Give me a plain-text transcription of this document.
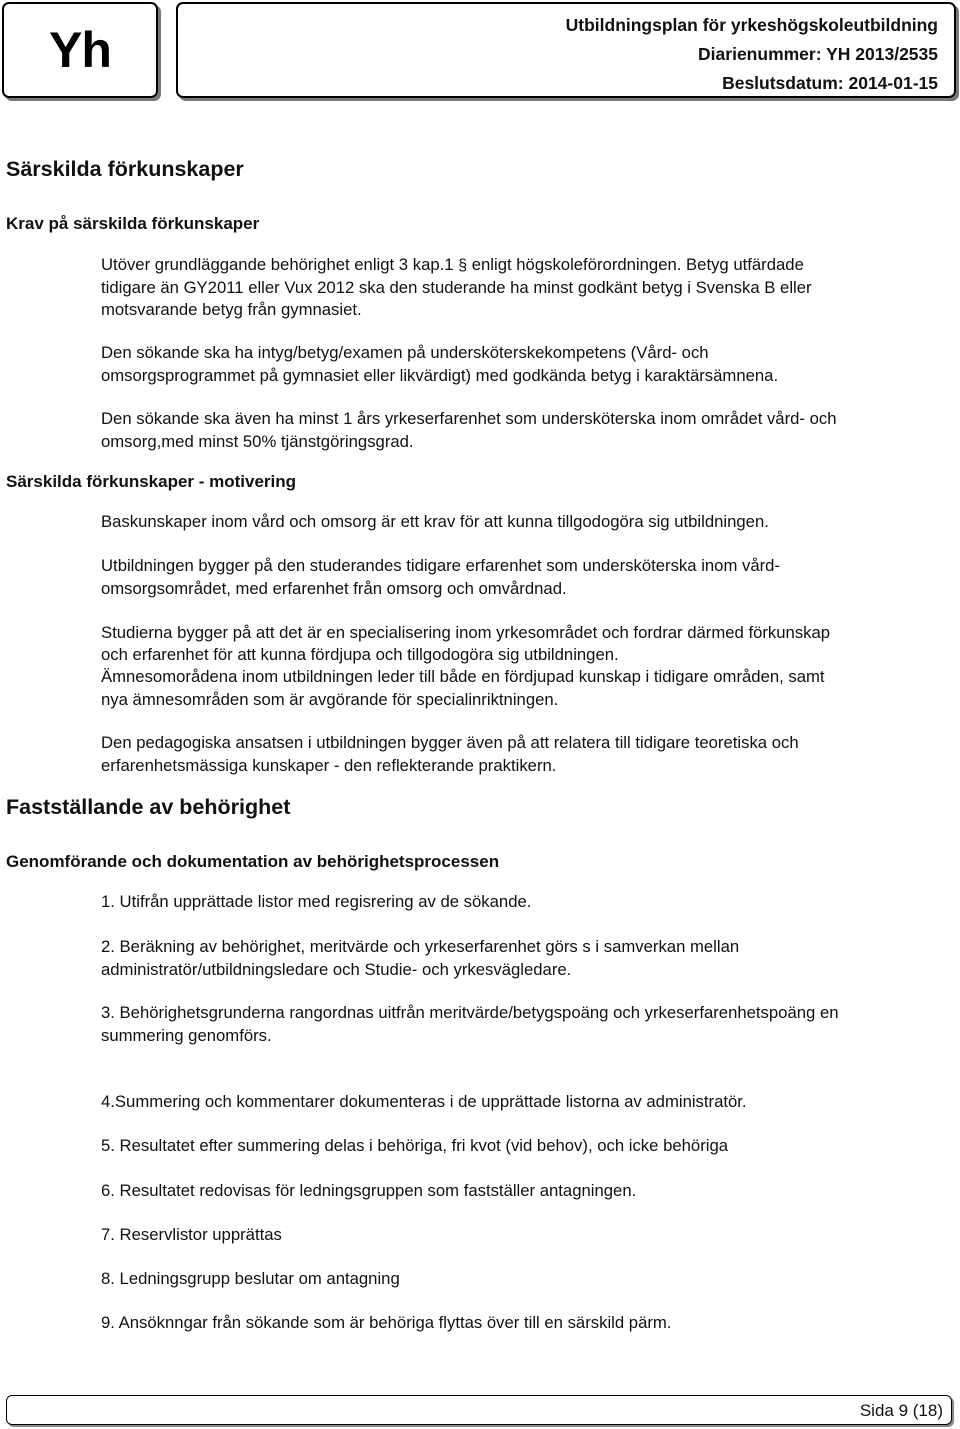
Yh	Utbildningsplan för yrkeshögskoleutbildning
Diarienummer: YH 2013/2535
Beslutsdatum: 2014-01-15
Särskilda förkunskaper
Krav på särskilda förkunskaper
Utöver grundläggande behörighet enligt 3 kap.1 § enligt högskoleförordningen. Betyg utfärdade
tidigare än GY2011 eller Vux 2012 ska den studerande ha minst godkänt betyg i Svenska B eller
motsvarande betyg från gymnasiet.
Den sökande ska ha intyg/betyg/examen på undersköterskekompetens (Vård- och
omsorgsprogrammet på gymnasiet eller likvärdigt) med godkända betyg i karaktärsämnena.
Den sökande ska även ha minst 1 års yrkeserfarenhet som undersköterska inom området vård- och
omsorg,med minst 50% tjänstgöringsgrad.
Särskilda förkunskaper - motivering
Baskunskaper inom vård och omsorg är ett krav för att kunna tillgodogöra sig utbildningen.
Utbildningen bygger på den studerandes tidigare erfarenhet som undersköterska inom vård-
omsorgsområdet, med erfarenhet från omsorg och omvårdnad.
Studierna bygger på att det är en specialisering inom yrkesområdet och fordrar därmed förkunskap
och erfarenhet för att kunna fördjupa och tillgodogöra sig utbildningen.
Ämnesomorådena inom utbildningen leder till både en fördjupad kunskap i tidigare områden, samt
nya ämnesområden som är avgörande för specialinriktningen.
Den pedagogiska ansatsen i utbildningen bygger även på att relatera till tidigare teoretiska och
erfarenhetsmässiga kunskaper - den reflekterande praktikern.
Fastställande av behörighet
Genomförande och dokumentation av behörighetsprocessen
1. Utifrån upprättade listor med regisrering av de sökande.
2. Beräkning av behörighet, meritvärde och yrkeserfarenhet görs s i samverkan mellan
administratör/utbildningsledare och Studie- och yrkesvägledare.
3. Behörighetsgrunderna rangordnas uitfrån meritvärde/betygspoäng och yrkeserfarenhetspoäng en
summering genomförs.
4.Summering och kommentarer dokumenteras i de upprättade listorna av administratör.
5. Resultatet efter summering delas i behöriga, fri kvot (vid behov), och icke behöriga
6. Resultatet redovisas för ledningsgruppen som fastställer antagningen.
7. Reservlistor upprättas
8. Ledningsgrupp beslutar om antagning
9. Ansöknngar från sökande som är behöriga flyttas över till en särskild pärm.
Sida 9 (18)
